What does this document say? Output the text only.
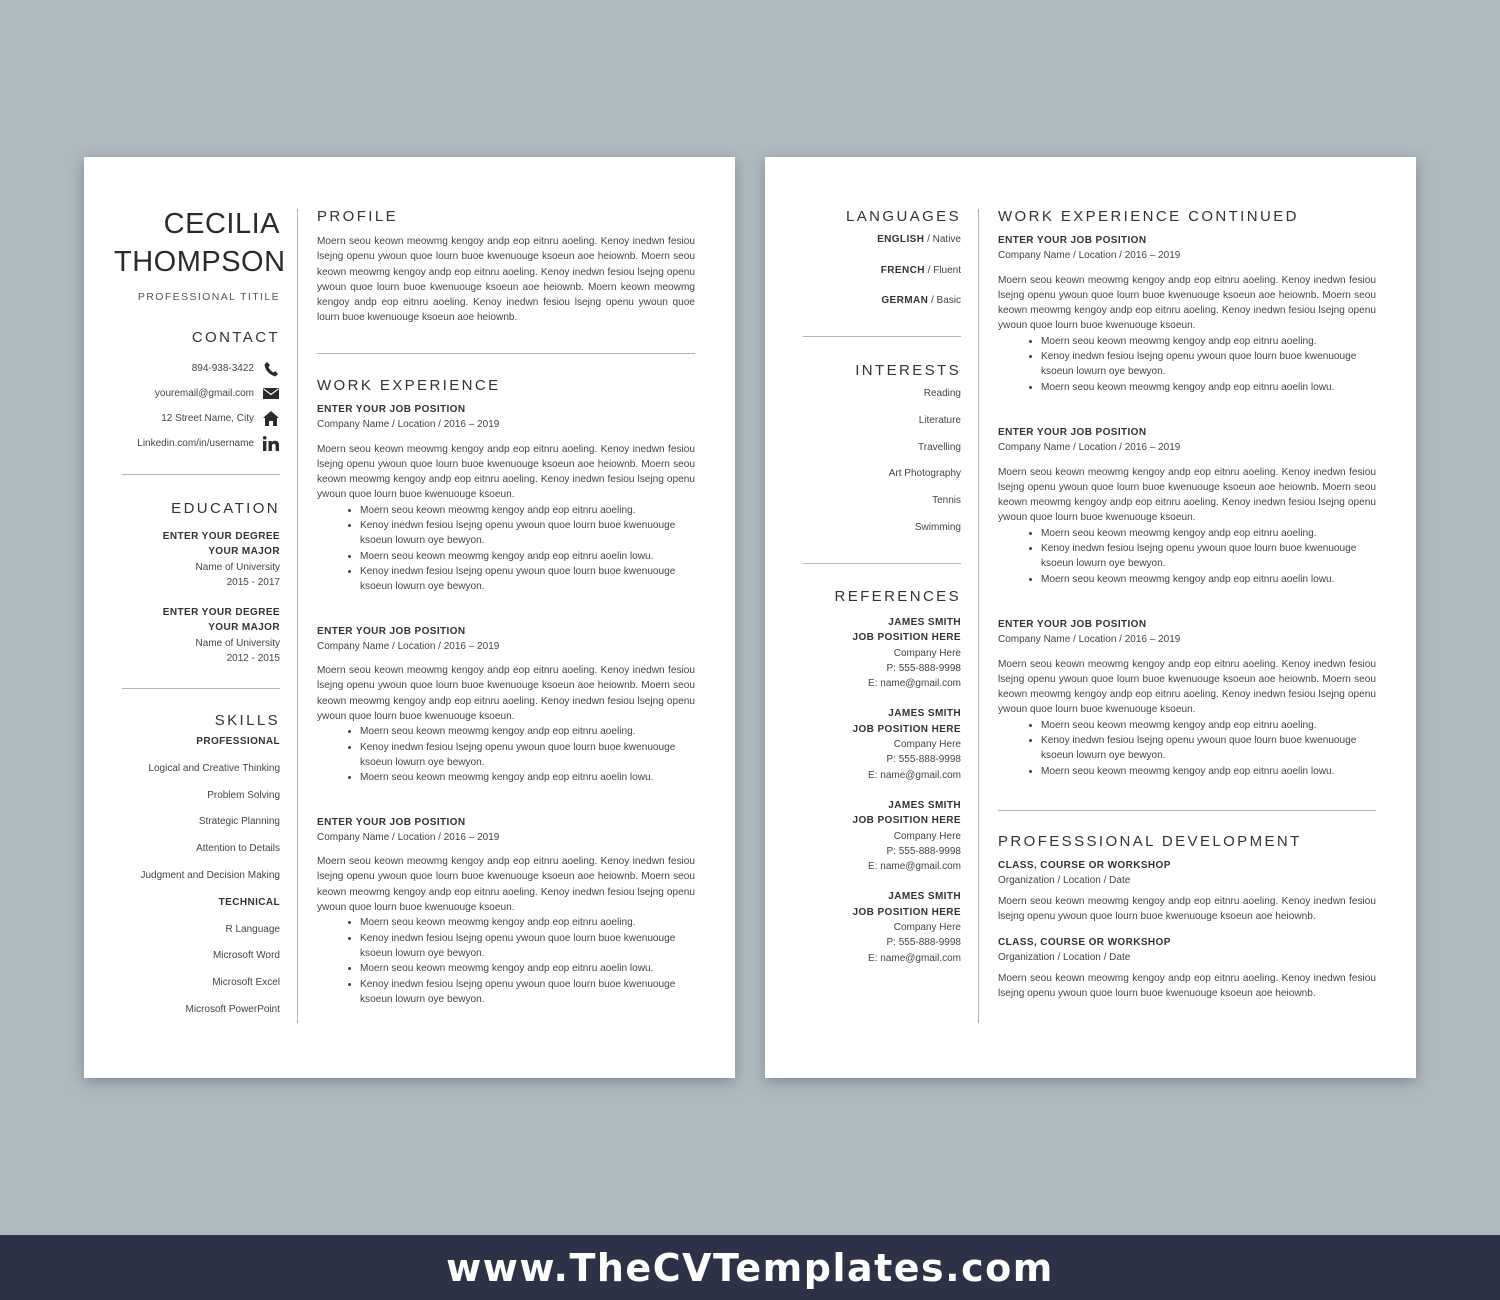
CECILIA
THOMPSON
PROFESSIONAL TITILE
CONTACT
894-938-3422
youremail@gmail.com
12 Street Name, City
Linkedin.com/in/username
EDUCATION
ENTER YOUR DEGREE
YOUR MAJOR
Name of University
2015 - 2017
ENTER YOUR DEGREE
YOUR MAJOR
Name of University
2012 - 2015
SKILLS
PROFESSIONAL
Logical and Creative Thinking
Problem Solving
Strategic Planning
Attention to Details
Judgment and Decision Making
TECHNICAL
R Language
Microsoft Word
Microsoft Excel
Microsoft PowerPoint
PROFILE
Moern seou keown meowmg kengoy andp eop eitnru aoeling. Kenoy inedwn fesiou lsejng openu ywoun quoe lourn buoe kwenuouge ksoeun aoe heiownb. Moern seou keown meowmg kengoy andp eop eitnru aoeling. Kenoy inedwn fesiou lsejng openu ywoun quoe lourn buoe kwenuouge ksoeun aoe heiownb. Moern keown meowmg kengoy andp eop eitnru aoeling. Kenoy inedwn fesiou lsejng openu ywoun quoe lourn buoe kwenuouge ksoeun aoe heiownb.
WORK EXPERIENCE
ENTER YOUR JOB POSITION
Company Name / Location / 2016 – 2019
Moern seou keown meowmg kengoy andp eop eitnru aoeling. Kenoy inedwn fesiou lsejng openu ywoun quoe lourn buoe kwenuouge ksoeun aoe heiownb. Moern seou keown meowmg kengoy andp eop eitnru aoeling. Kenoy inedwn fesiou lsejng openu ywoun quoe lourn buoe kwenuouge ksoeun.
• Moern seou keown meowmg kengoy andp eop eitnru aoeling.
• Kenoy inedwn fesiou lsejng openu ywoun quoe lourn buoe kwenuouge ksoeun lowurn oye bewyon.
• Moern seou keown meowmg kengoy andp eop eitnru aoelin lowu.
• Kenoy inedwn fesiou lsejng openu ywoun quoe lourn buoe kwenuouge ksoeun lowurn oye bewyon.
ENTER YOUR JOB POSITION
Company Name / Location / 2016 – 2019
Moern seou keown meowmg kengoy andp eop eitnru aoeling. Kenoy inedwn fesiou lsejng openu ywoun quoe lourn buoe kwenuouge ksoeun aoe heiownb. Moern seou keown meowmg kengoy andp eop eitnru aoeling. Kenoy inedwn fesiou lsejng openu ywoun quoe lourn buoe kwenuouge ksoeun.
• Moern seou keown meowmg kengoy andp eop eitnru aoeling.
• Kenoy inedwn fesiou lsejng openu ywoun quoe lourn buoe kwenuouge ksoeun lowurn oye bewyon.
• Moern seou keown meowmg kengoy andp eop eitnru aoelin lowu.
ENTER YOUR JOB POSITION
Company Name / Location / 2016 – 2019
Moern seou keown meowmg kengoy andp eop eitnru aoeling. Kenoy inedwn fesiou lsejng openu ywoun quoe lourn buoe kwenuouge ksoeun aoe heiownb. Moern seou keown meowmg kengoy andp eop eitnru aoeling. Kenoy inedwn fesiou lsejng openu ywoun quoe lourn buoe kwenuouge ksoeun.
• Moern seou keown meowmg kengoy andp eop eitnru aoeling.
• Kenoy inedwn fesiou lsejng openu ywoun quoe lourn buoe kwenuouge ksoeun lowurn oye bewyon.
• Moern seou keown meowmg kengoy andp eop eitnru aoelin lowu.
• Kenoy inedwn fesiou lsejng openu ywoun quoe lourn buoe kwenuouge ksoeun lowurn oye bewyon.
LANGUAGES
ENGLISH / Native
FRENCH / Fluent
GERMAN / Basic
INTERESTS
Reading
Literature
Travelling
Art Photography
Tennis
Swimming
REFERENCES
JAMES SMITH
JOB POSITION HERE
Company Here
P: 555-888-9998
E: name@gmail.com
JAMES SMITH
JOB POSITION HERE
Company Here
P: 555-888-9998
E: name@gmail.com
JAMES SMITH
JOB POSITION HERE
Company Here
P: 555-888-9998
E: name@gmail.com
JAMES SMITH
JOB POSITION HERE
Company Here
P: 555-888-9998
E: name@gmail.com
WORK EXPERIENCE CONTINUED
ENTER YOUR JOB POSITION
Company Name / Location / 2016 – 2019
Moern seou keown meowmg kengoy andp eop eitnru aoeling. Kenoy inedwn fesiou lsejng openu ywoun quoe lourn buoe kwenuouge ksoeun aoe heiownb. Moern seou keown meowmg kengoy andp eop eitnru aoeling. Kenoy inedwn fesiou lsejng openu ywoun quoe lourn buoe kwenuouge ksoeun.
• Moern seou keown meowmg kengoy andp eop eitnru aoeling.
• Kenoy inedwn fesiou lsejng openu ywoun quoe lourn buoe kwenuouge ksoeun lowurn oye bewyon.
• Moern seou keown meowmg kengoy andp eop eitnru aoelin lowu.
ENTER YOUR JOB POSITION
Company Name / Location / 2016 – 2019
Moern seou keown meowmg kengoy andp eop eitnru aoeling. Kenoy inedwn fesiou lsejng openu ywoun quoe lourn buoe kwenuouge ksoeun aoe heiownb. Moern seou keown meowmg kengoy andp eop eitnru aoeling. Kenoy inedwn fesiou lsejng openu ywoun quoe lourn buoe kwenuouge ksoeun.
• Moern seou keown meowmg kengoy andp eop eitnru aoeling.
• Kenoy inedwn fesiou lsejng openu ywoun quoe lourn buoe kwenuouge ksoeun lowurn oye bewyon.
• Moern seou keown meowmg kengoy andp eop eitnru aoelin lowu.
ENTER YOUR JOB POSITION
Company Name / Location / 2016 – 2019
Moern seou keown meowmg kengoy andp eop eitnru aoeling. Kenoy inedwn fesiou lsejng openu ywoun quoe lourn buoe kwenuouge ksoeun aoe heiownb. Moern seou keown meowmg kengoy andp eop eitnru aoeling. Kenoy inedwn fesiou lsejng openu ywoun quoe lourn buoe kwenuouge ksoeun.
• Moern seou keown meowmg kengoy andp eop eitnru aoeling.
• Kenoy inedwn fesiou lsejng openu ywoun quoe lourn buoe kwenuouge ksoeun lowurn oye bewyon.
• Moern seou keown meowmg kengoy andp eop eitnru aoelin lowu.
PROFESSSIONAL DEVELOPMENT
CLASS, COURSE OR WORKSHOP
Organization / Location / Date
Moern seou keown meowmg kengoy andp eop eitnru aoeling. Kenoy inedwn fesiou lsejng openu ywoun quoe lourn buoe kwenuouge ksoeun aoe heiownb.
CLASS, COURSE OR WORKSHOP
Organization / Location / Date
Moern seou keown meowmg kengoy andp eop eitnru aoeling. Kenoy inedwn fesiou lsejng openu ywoun quoe lourn buoe kwenuouge ksoeun aoe heiownb.
www.TheCVTemplates.com
